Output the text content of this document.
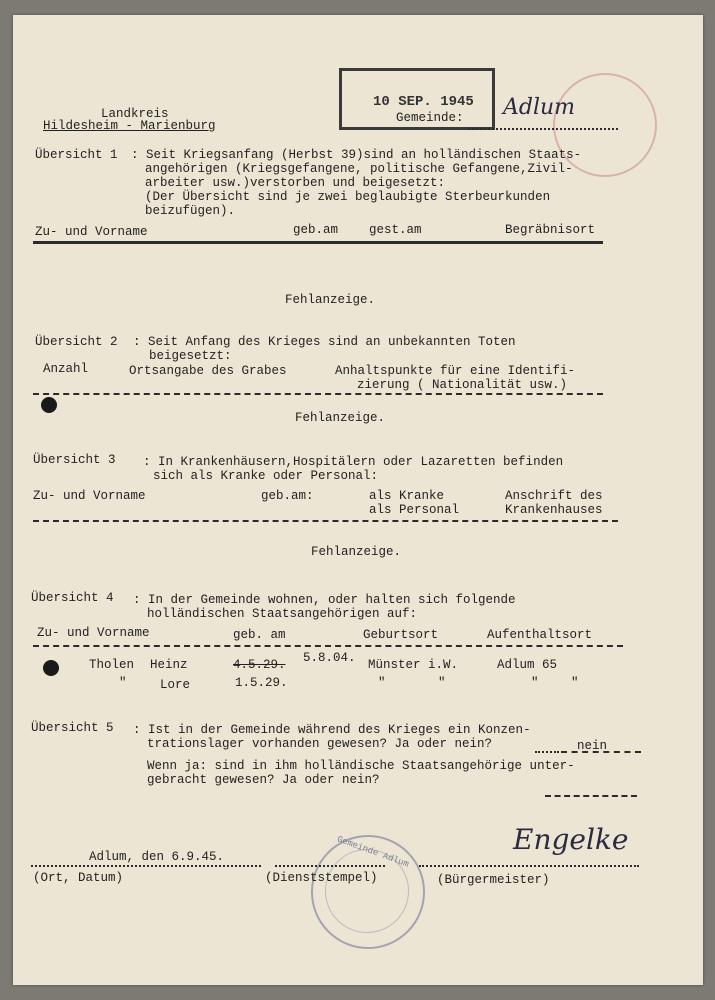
10 SEP. 1945
Landkreis
Hildesheim - Marienburg
Gemeinde: Adlum
Übersicht 1 : Seit Kriegsanfang (Herbst 39)sind an holländischen Staats-
angehörigen (Kriegsgefangene, politische Gefangene,Zivil-
arbeiter usw.)verstorben und beigesetzt:
(Der Übersicht sind je zwei beglaubigte Sterbeurkunden
beizufügen).
Zu- und Vorname	geb.am gest.am	Begräbnisort
Fehlanzeige.
Übersicht 2 : Seit Anfang des Krieges sind an unbekannten Toten
beigesetzt:
Anzahl	Ortsangabe des Grabes	Anhaltspunkte für eine Identifi-
zierung ( Nationalität usw.)
Fehlanzeige.
Übersicht 3 : In Krankenhäusern,Hospitälern oder Lazaretten befinden
sich als Kranke oder Personal:
Zu- und Vorname	geb.am:	als Kranke
als Personal
Anschrift des
Krankenhauses
Fehlanzeige.
Übersicht 4 : In der Gemeinde wohnen, oder halten sich folgende
holländischen Staatsangehörigen auf:
Zu- und Vorname	geb. am	Geburtsort	Aufenthaltsort
Tholen Heinz	4.5.29. 5.8.04. Münster i.W.	Adlum 65
"	Lore	1.5.29.	"	"	"	"
Übersicht 5 : Ist in der Gemeinde während des Krieges ein Konzen-
trationslager vorhanden gewesen? Ja oder nein?	nein
Wenn ja: sind in ihm holländische Staatsangehörige unter-
gebracht gewesen? Ja oder nein?
Adlum, den 6.9.45.
(Ort, Datum)
Gemeinde Adlum
(Dienststempel)
Engelke
(Bürgermeister)
